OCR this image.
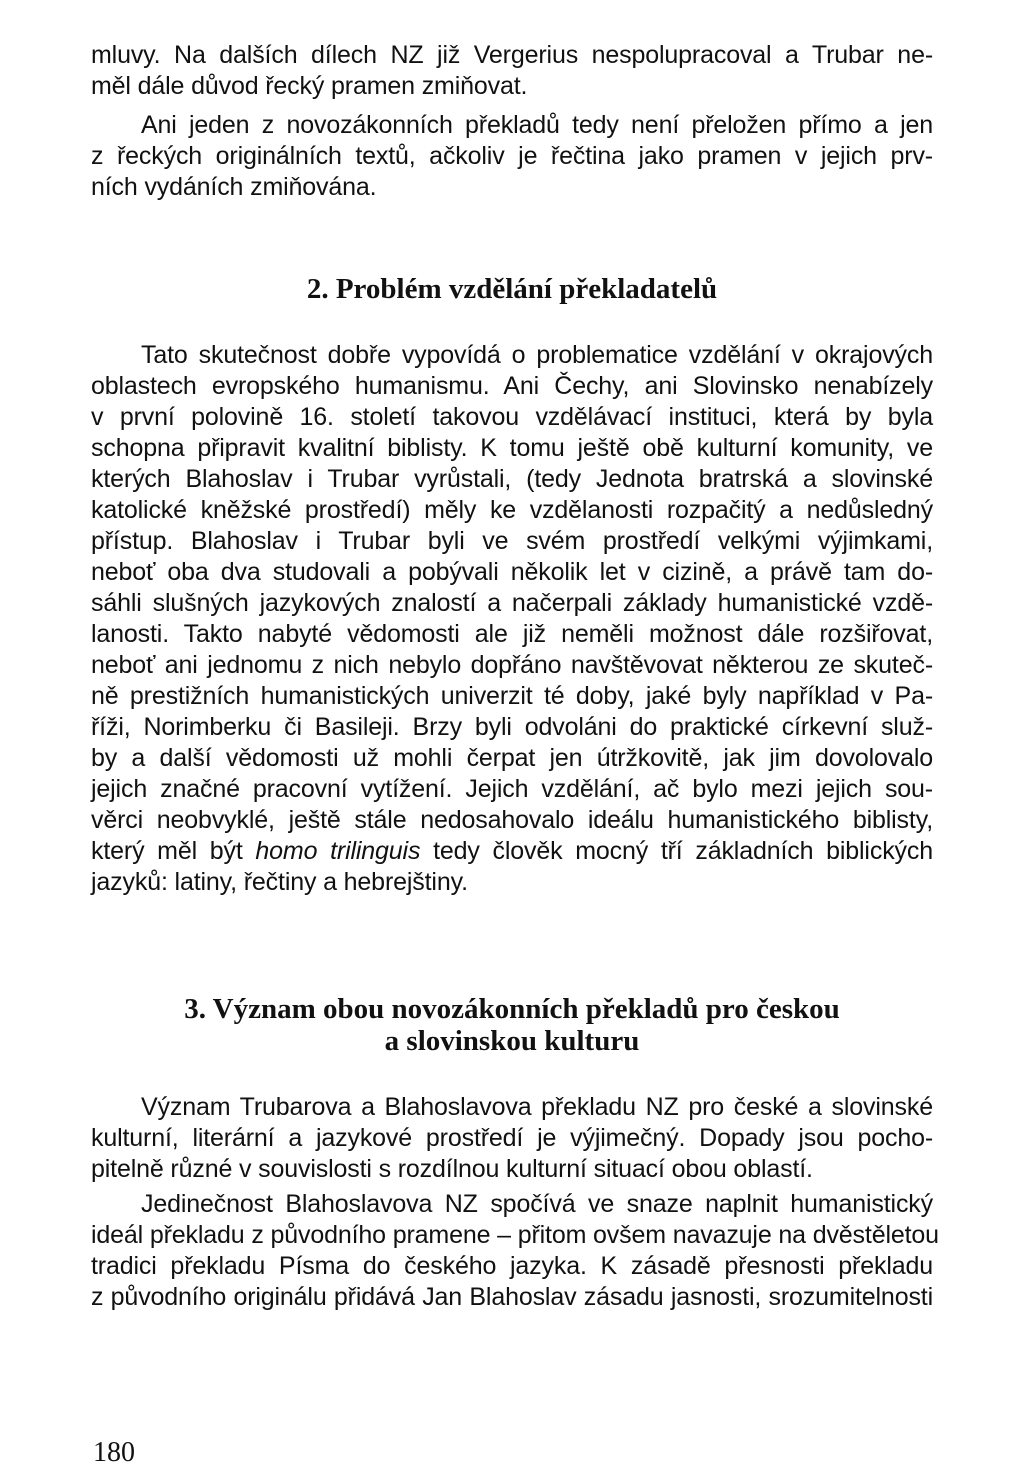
mluvy. Na dalších dílech NZ již Vergerius nespolupracoval a Trubar ne-
měl dále důvod řecký pramen zmiňovat.
Ani jeden z novozákonních překladů tedy není přeložen přímo a jen
z řeckých originálních textů, ačkoliv je řečtina jako pramen v jejich prv-
ních vydáních zmiňována.
2. Problém vzdělání překladatelů
Tato skutečnost dobře vypovídá o problematice vzdělání v okrajových
oblastech evropského humanismu. Ani Čechy, ani Slovinsko nenabízely
v první polovině 16. století takovou vzdělávací instituci, která by byla
schopna připravit kvalitní biblisty. K tomu ještě obě kulturní komunity, ve
kterých Blahoslav i Trubar vyrůstali, (tedy Jednota bratrská a slovinské
katolické kněžské prostředí) měly ke vzdělanosti rozpačitý a nedůsledný
přístup. Blahoslav i Trubar byli ve svém prostředí velkými výjimkami,
neboť oba dva studovali a pobývali několik let v cizině, a právě tam do-
sáhli slušných jazykových znalostí a načerpali základy humanistické vzdě-
lanosti. Takto nabyté vědomosti ale již neměli možnost dále rozšiřovat,
neboť ani jednomu z nich nebylo dopřáno navštěvovat některou ze skuteč-
ně prestižních humanistických univerzit té doby, jaké byly například v Pa-
říži, Norimberku či Basileji. Brzy byli odvoláni do praktické církevní služ-
by a další vědomosti už mohli čerpat jen útržkovitě, jak jim dovolovalo
jejich značné pracovní vytížení. Jejich vzdělání, ač bylo mezi jejich sou-
věrci neobvyklé, ještě stále nedosahovalo ideálu humanistického biblisty,
který měl být homo trilinguis tedy člověk mocný tří základních biblických
jazyků: latiny, řečtiny a hebrejštiny.
3. Význam obou novozákonních překladů pro českou
a slovinskou kulturu
Význam Trubarova a Blahoslavova překladu NZ pro české a slovinské
kulturní, literární a jazykové prostředí je výjimečný. Dopady jsou pocho-
pitelně různé v souvislosti s rozdílnou kulturní situací obou oblastí.
Jedinečnost Blahoslavova NZ spočívá ve snaze naplnit humanistický
ideál překladu z původního pramene – přitom ovšem navazuje na dvěstěletou
tradici překladu Písma do českého jazyka. K zásadě přesnosti překladu
z původního originálu přidává Jan Blahoslav zásadu jasnosti, srozumitelnosti
180
